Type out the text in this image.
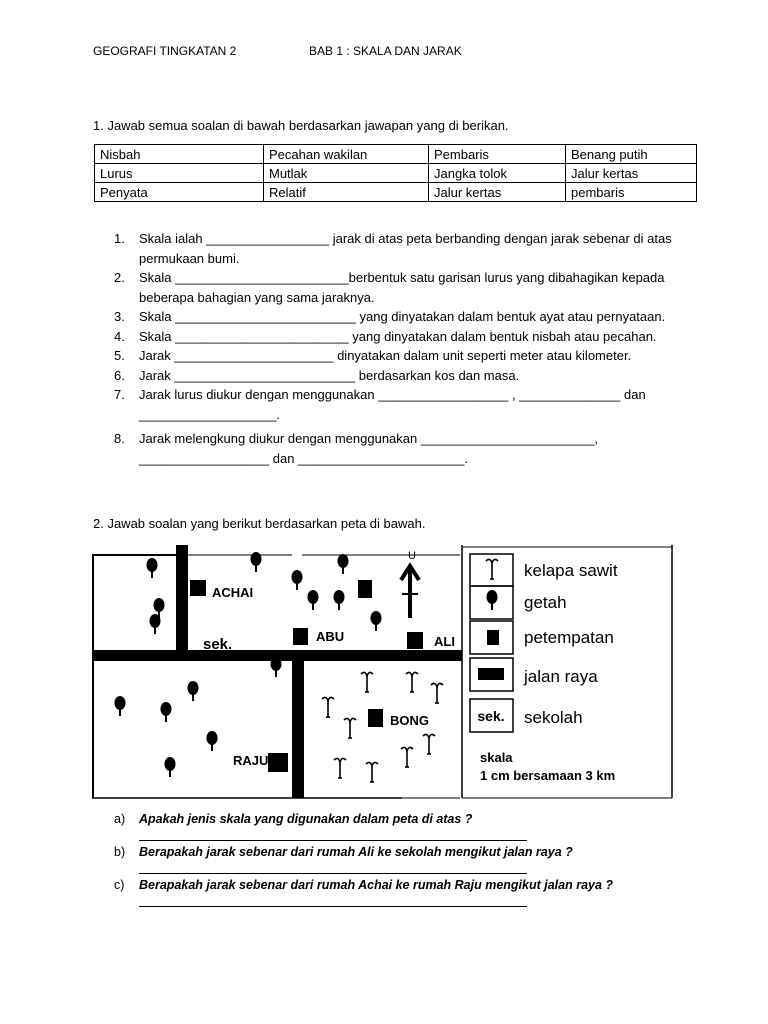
GEOGRAFI TINGKATAN 2	BAB 1 : SKALA DAN JARAK
1. Jawab semua soalan di bawah berdasarkan jawapan yang di berikan.
Nisbah	Pecahan wakilan	Pembaris	Benang putih
Lurus	Mutlak	Jangka tolok	Jalur kertas
Penyata	Relatif	Jalur kertas	pembaris
1. Skala ialah _________________ jarak di atas peta berbanding dengan jarak sebenar di atas permukaan bumi.
2. Skala ________________________berbentuk satu garisan lurus yang dibahagikan kepada beberapa bahagian yang sama jaraknya.
3. Skala _________________________ yang dinyatakan dalam bentuk ayat atau pernyataan.
4. Skala ________________________ yang dinyatakan dalam bentuk nisbah atau pecahan.
5. Jarak ______________________ dinyatakan dalam unit seperti meter atau kilometer.
6. Jarak _________________________ berdasarkan kos dan masa.
7. Jarak lurus diukur dengan menggunakan __________________ , ______________ dan ___________________.
8. Jarak melengkung diukur dengan menggunakan ________________________, __________________ dan _______________________.
2. Jawab soalan yang berikut berdasarkan peta di bawah.
U
ACHAI
ABU	ALI
BONG
RAJU
sek.
kelapa sawit
getah
petempatan
jalan raya
sek. sekolah
skala
1 cm bersamaan 3 km
a) Apakah jenis skala yang digunakan dalam peta di atas ?
b) Berapakah jarak sebenar dari rumah Ali ke sekolah mengikut jalan raya ?
c) Berapakah jarak sebenar dari rumah Achai ke rumah Raju mengikut jalan raya ?
